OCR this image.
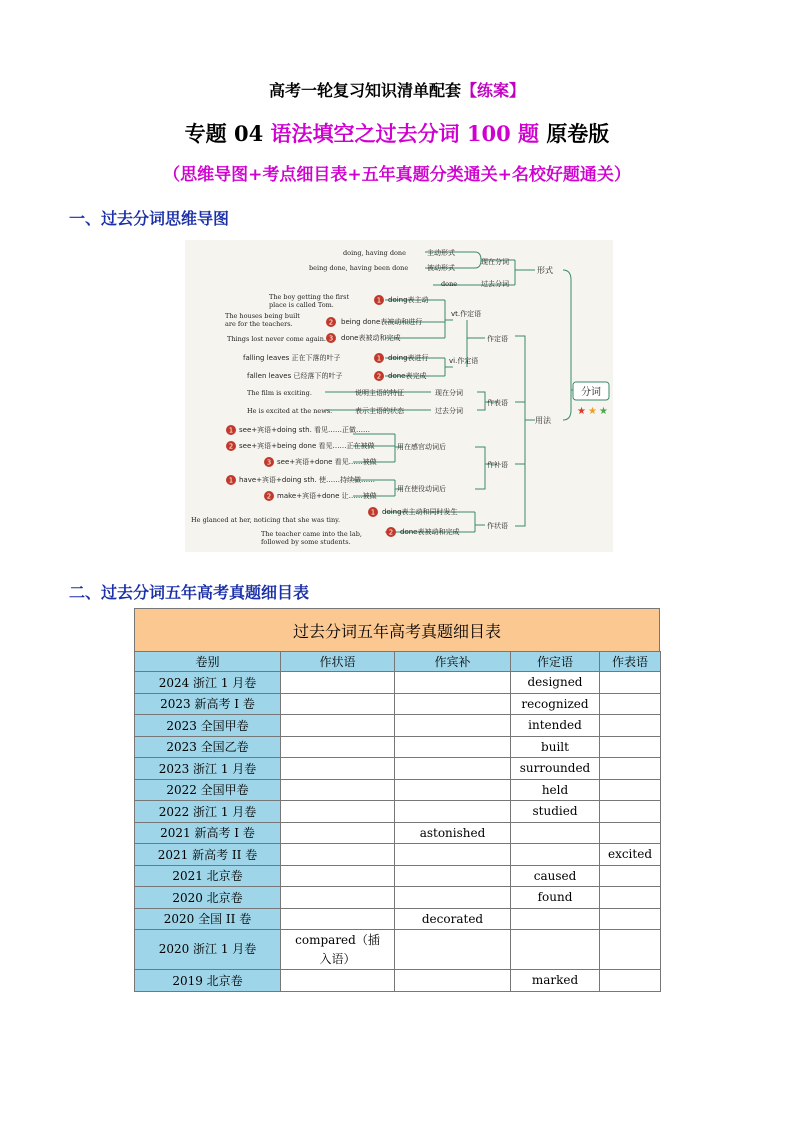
高考一轮复习知识清单配套【练案】
专题 04 语法填空之过去分词 100 题 原卷版
（思维导图+考点细目表+五年真题分类通关+名校好题通关）
一、过去分词思维导图
doing, having done	主动形式
being done, having been done	被动形式
done
现在分词
过去分词
形式
The boy getting the first
place is called Tom.
The houses being built
are for the teachers.
Things lost never come again.
1
2
3
doing表主动
being done表被动和进行
done表被动和完成
vt.作定语
falling leaves 正在下落的叶子
fallen leaves 已经落下的叶子
1
2
doing表进行
done表完成
vi.作定语
作定语
The film is exciting.
He is excited at the news.
说明主语的特征
表示主语的状态
现在分词
过去分词
作表语
1 see+宾语+doing sth. 看见……正做……
2 see+宾语+being done 看见……正在被做
3 see+宾语+done 看见……被做
用在感官动词后
1 have+宾语+doing sth. 使……持续做……
2 make+宾语+done 让……被做
用在使役动词后
作补语
He glanced at her, noticing that she was tiny.
The teacher came into the lab,
followed by some students.
1 doing表主动和同时发生
2 done表被动和完成
作状语
用法
分词
★ ★ ★
二、过去分词五年高考真题细目表
过去分词五年高考真题细目表
卷别	作状语	作宾补	作定语	作表语
2024 浙江 1 月卷			designed	
2023 新高考 I 卷			recognized	
2023 全国甲卷			intended	
2023 全国乙卷			built	
2023 浙江 1 月卷			surrounded	
2022 全国甲卷			held	
2022 浙江 1 月卷			studied	
2021 新高考 I 卷		astonished		
2021 新高考 II 卷				excited
2021 北京卷			caused	
2020 北京卷			found	
2020 全国 II 卷		decorated		
2020 浙江 1 月卷	compared（插入语）			
2019 北京卷			marked	
